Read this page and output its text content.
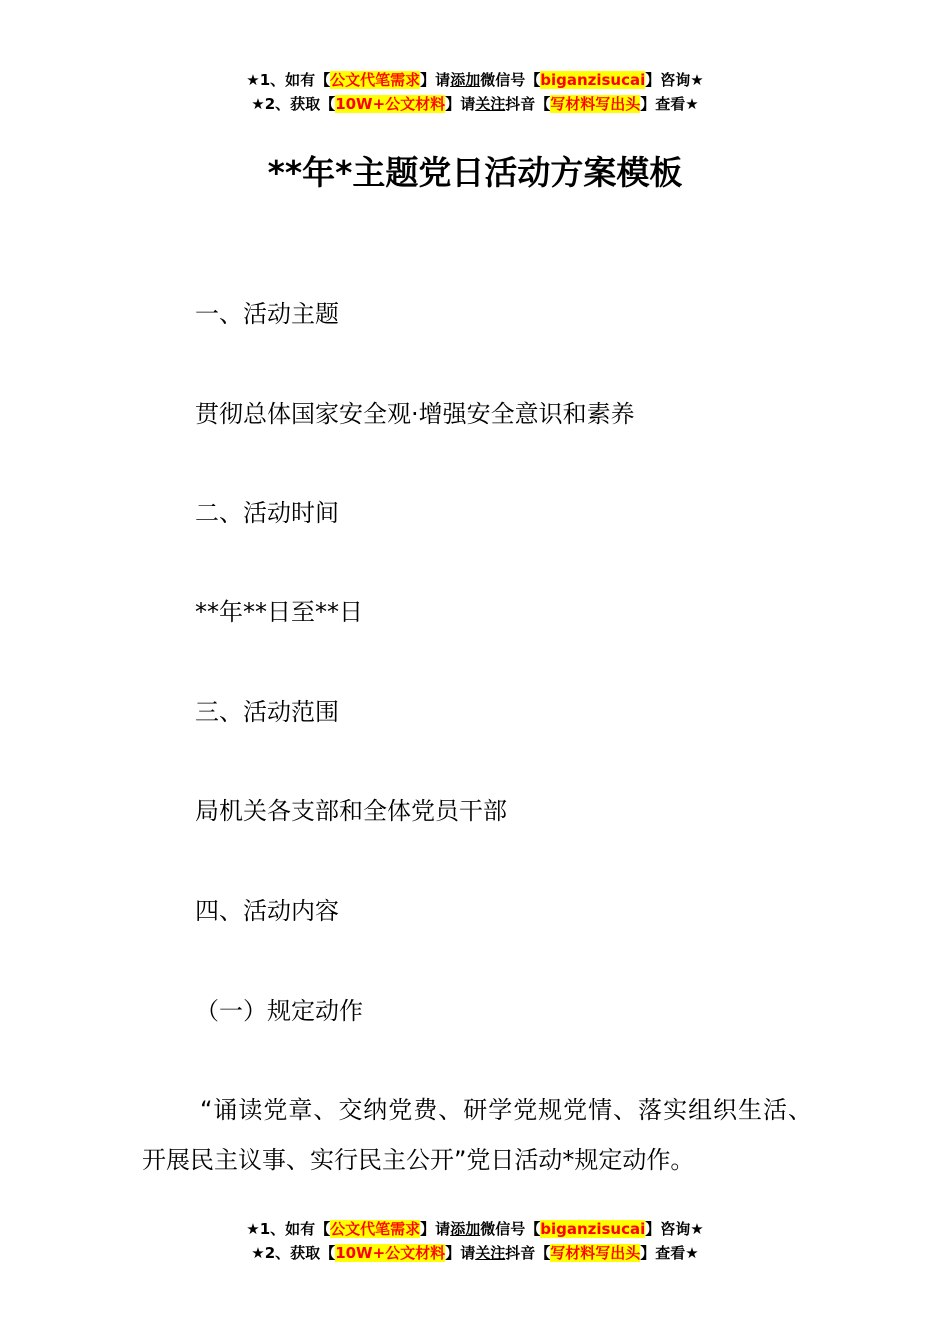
★1、如有【公文代笔需求】请添加微信号【biganzisucai】咨询★
★2、获取【10W+公文材料】请关注抖音【写材料写出头】查看★
**年*主题党日活动方案模板
一、活动主题
贯彻总体国家安全观·增强安全意识和素养
二、活动时间
**年**日至**日
三、活动范围
局机关各支部和全体党员干部
四、活动内容
（一）规定动作
“诵读党章、交纳党费、研学党规党情、落实组织生活、开展民主议事、实行民主公开”党日活动*规定动作。
★1、如有【公文代笔需求】请添加微信号【biganzisucai】咨询★
★2、获取【10W+公文材料】请关注抖音【写材料写出头】查看★
